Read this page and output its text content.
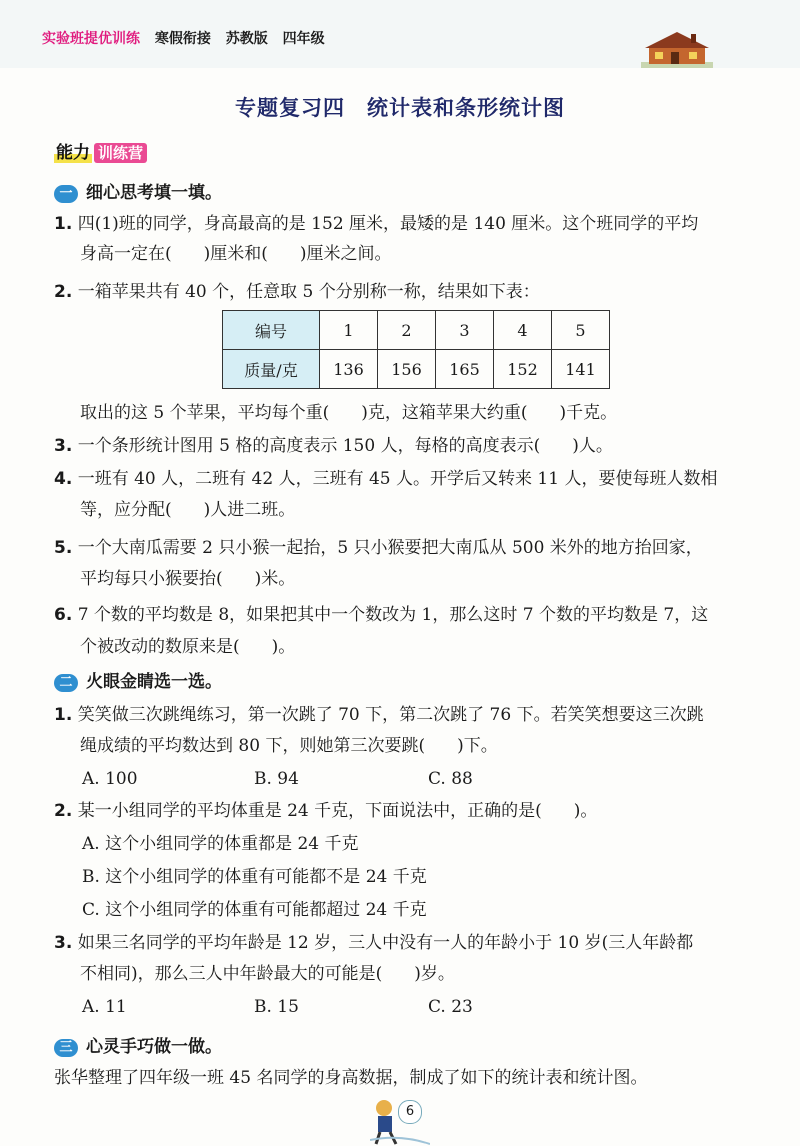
实验班提优训练 寒假衔接 苏教版 四年级
专题复习四　统计表和条形统计图
能力 训练营
一 细心思考填一填。
1. 四(1)班的同学，身高最高的是 152 厘米，最矮的是 140 厘米。这个班同学的平均
身高一定在( )厘米和( )厘米之间。
2. 一箱苹果共有 40 个，任意取 5 个分别称一称，结果如下表：
编号	1	2	3	4	5
质量/克	136	156	165	152	141
取出的这 5 个苹果，平均每个重( )克，这箱苹果大约重( )千克。
3. 一个条形统计图用 5 格的高度表示 150 人，每格的高度表示( )人。
4. 一班有 40 人，二班有 42 人，三班有 45 人。开学后又转来 11 人，要使每班人数相
等，应分配( )人进二班。
5. 一个大南瓜需要 2 只小猴一起抬，5 只小猴要把大南瓜从 500 米外的地方抬回家，
平均每只小猴要抬( )米。
6. 7 个数的平均数是 8，如果把其中一个数改为 1，那么这时 7 个数的平均数是 7，这
个被改动的数原来是( )。
二 火眼金睛选一选。
1. 笑笑做三次跳绳练习，第一次跳了 70 下，第二次跳了 76 下。若笑笑想要这三次跳
绳成绩的平均数达到 80 下，则她第三次要跳( )下。
A. 100	B. 94	C. 88
2. 某一小组同学的平均体重是 24 千克，下面说法中，正确的是( )。
A. 这个小组同学的体重都是 24 千克
B. 这个小组同学的体重有可能都不是 24 千克
C. 这个小组同学的体重有可能都超过 24 千克
3. 如果三名同学的平均年龄是 12 岁，三人中没有一人的年龄小于 10 岁(三人年龄都
不相同)，那么三人中年龄最大的可能是( )岁。
A. 11	B. 15	C. 23
三 心灵手巧做一做。
张华整理了四年级一班 45 名同学的身高数据，制成了如下的统计表和统计图。
6
